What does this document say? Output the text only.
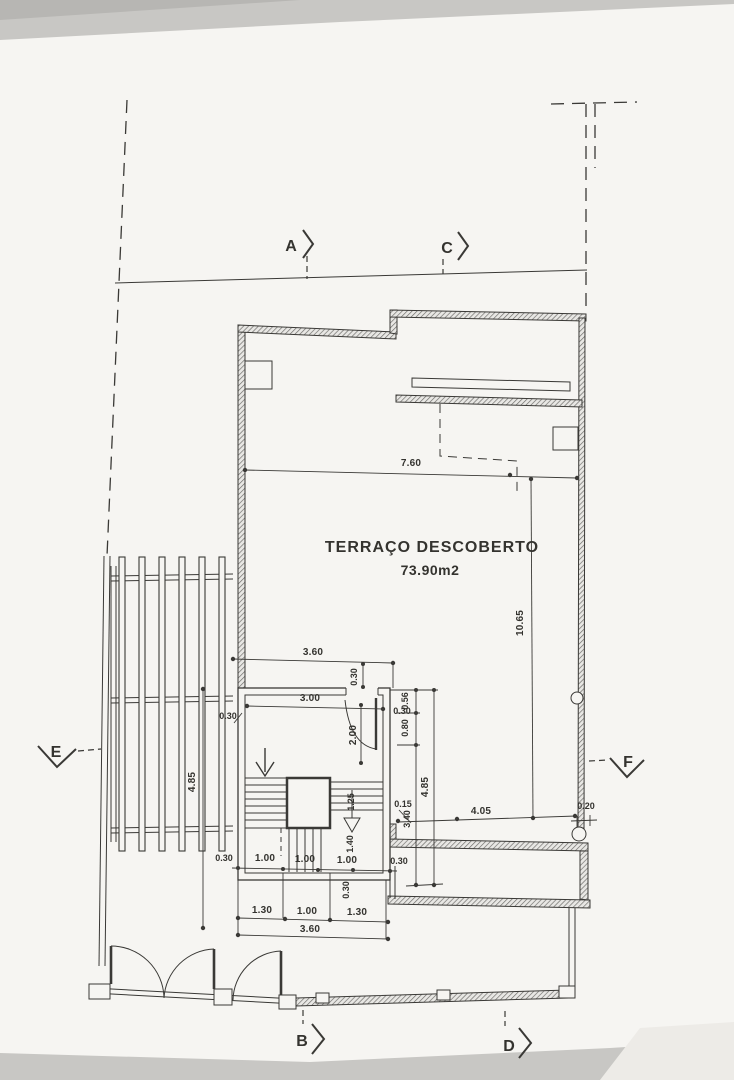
TERRAÇO DESCOBERTO
73.90m2
A	C
B	D
E
F
7.60
3.60
3.00
0.30	0.30
0.15
4.05	0.20
0.30 1.00 1.00 1.00	0.30
1.30 1.00	1.30
3.60
10.65
0.30
0.56
0.80
2.00
4.85
3.40
1.25
1.40
4.85
0.30
